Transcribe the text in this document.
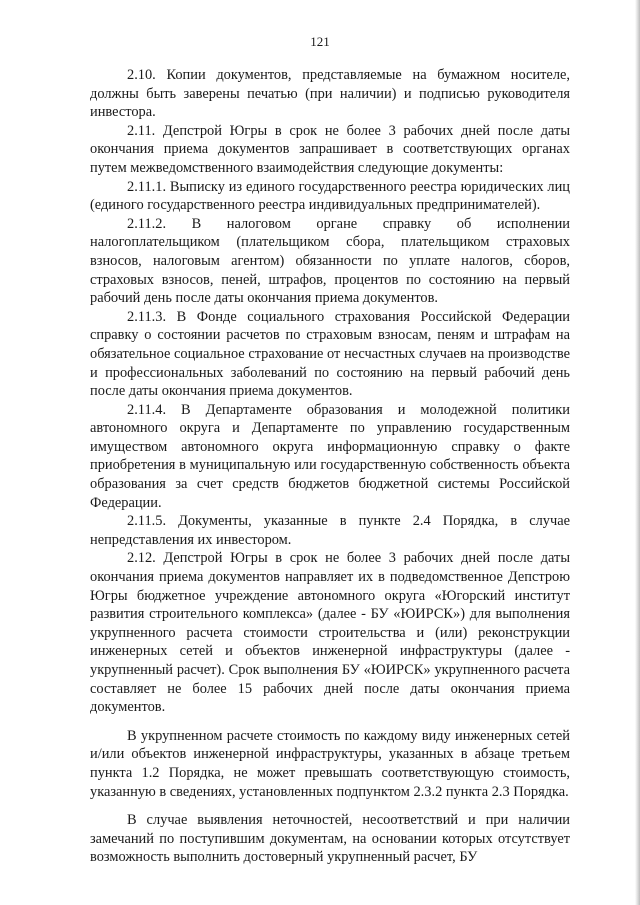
121

2.10. Копии документов, представляемые на бумажном носителе, должны быть заверены печатью (при наличии) и подписью руководителя инвестора.

2.11. Депстрой Югры в срок не более 3 рабочих дней после даты окончания приема документов запрашивает в соответствующих органах путем межведомственного взаимодействия следующие документы:

2.11.1. Выписку из единого государственного реестра юридических лиц (единого государственного реестра индивидуальных предпринимателей).

2.11.2. В налоговом органе справку об исполнении налогоплательщиком (плательщиком сбора, плательщиком страховых взносов, налоговым агентом) обязанности по уплате налогов, сборов, страховых взносов, пеней, штрафов, процентов по состоянию на первый рабочий день после даты окончания приема документов.

2.11.3. В Фонде социального страхования Российской Федерации справку о состоянии расчетов по страховым взносам, пеням и штрафам на обязательное социальное страхование от несчастных случаев на производстве и профессиональных заболеваний по состоянию на первый рабочий день после даты окончания приема документов.

2.11.4. В Департаменте образования и молодежной политики автономного округа и Департаменте по управлению государственным имуществом автономного округа информационную справку о факте приобретения в муниципальную или государственную собственность объекта образования за счет средств бюджетов бюджетной системы Российской Федерации.

2.11.5. Документы, указанные в пункте 2.4 Порядка, в случае непредставления их инвестором.

2.12. Депстрой Югры в срок не более 3 рабочих дней после даты окончания приема документов направляет их в подведомственное Депстрою Югры бюджетное учреждение автономного округа «Югорский институт развития строительного комплекса» (далее - БУ «ЮИРСК») для выполнения укрупненного расчета стоимости строительства и (или) реконструкции инженерных сетей и объектов инженерной инфраструктуры (далее - укрупненный расчет). Срок выполнения БУ «ЮИРСК» укрупненного расчета составляет не более 15 рабочих дней после даты окончания приема документов.

В укрупненном расчете стоимость по каждому виду инженерных сетей и/или объектов инженерной инфраструктуры, указанных в абзаце третьем пункта 1.2 Порядка, не может превышать соответствующую стоимость, указанную в сведениях, установленных подпунктом 2.3.2 пункта 2.3 Порядка.

В случае выявления неточностей, несоответствий и при наличии замечаний по поступившим документам, на основании которых отсутствует возможность выполнить достоверный укрупненный расчет, БУ
